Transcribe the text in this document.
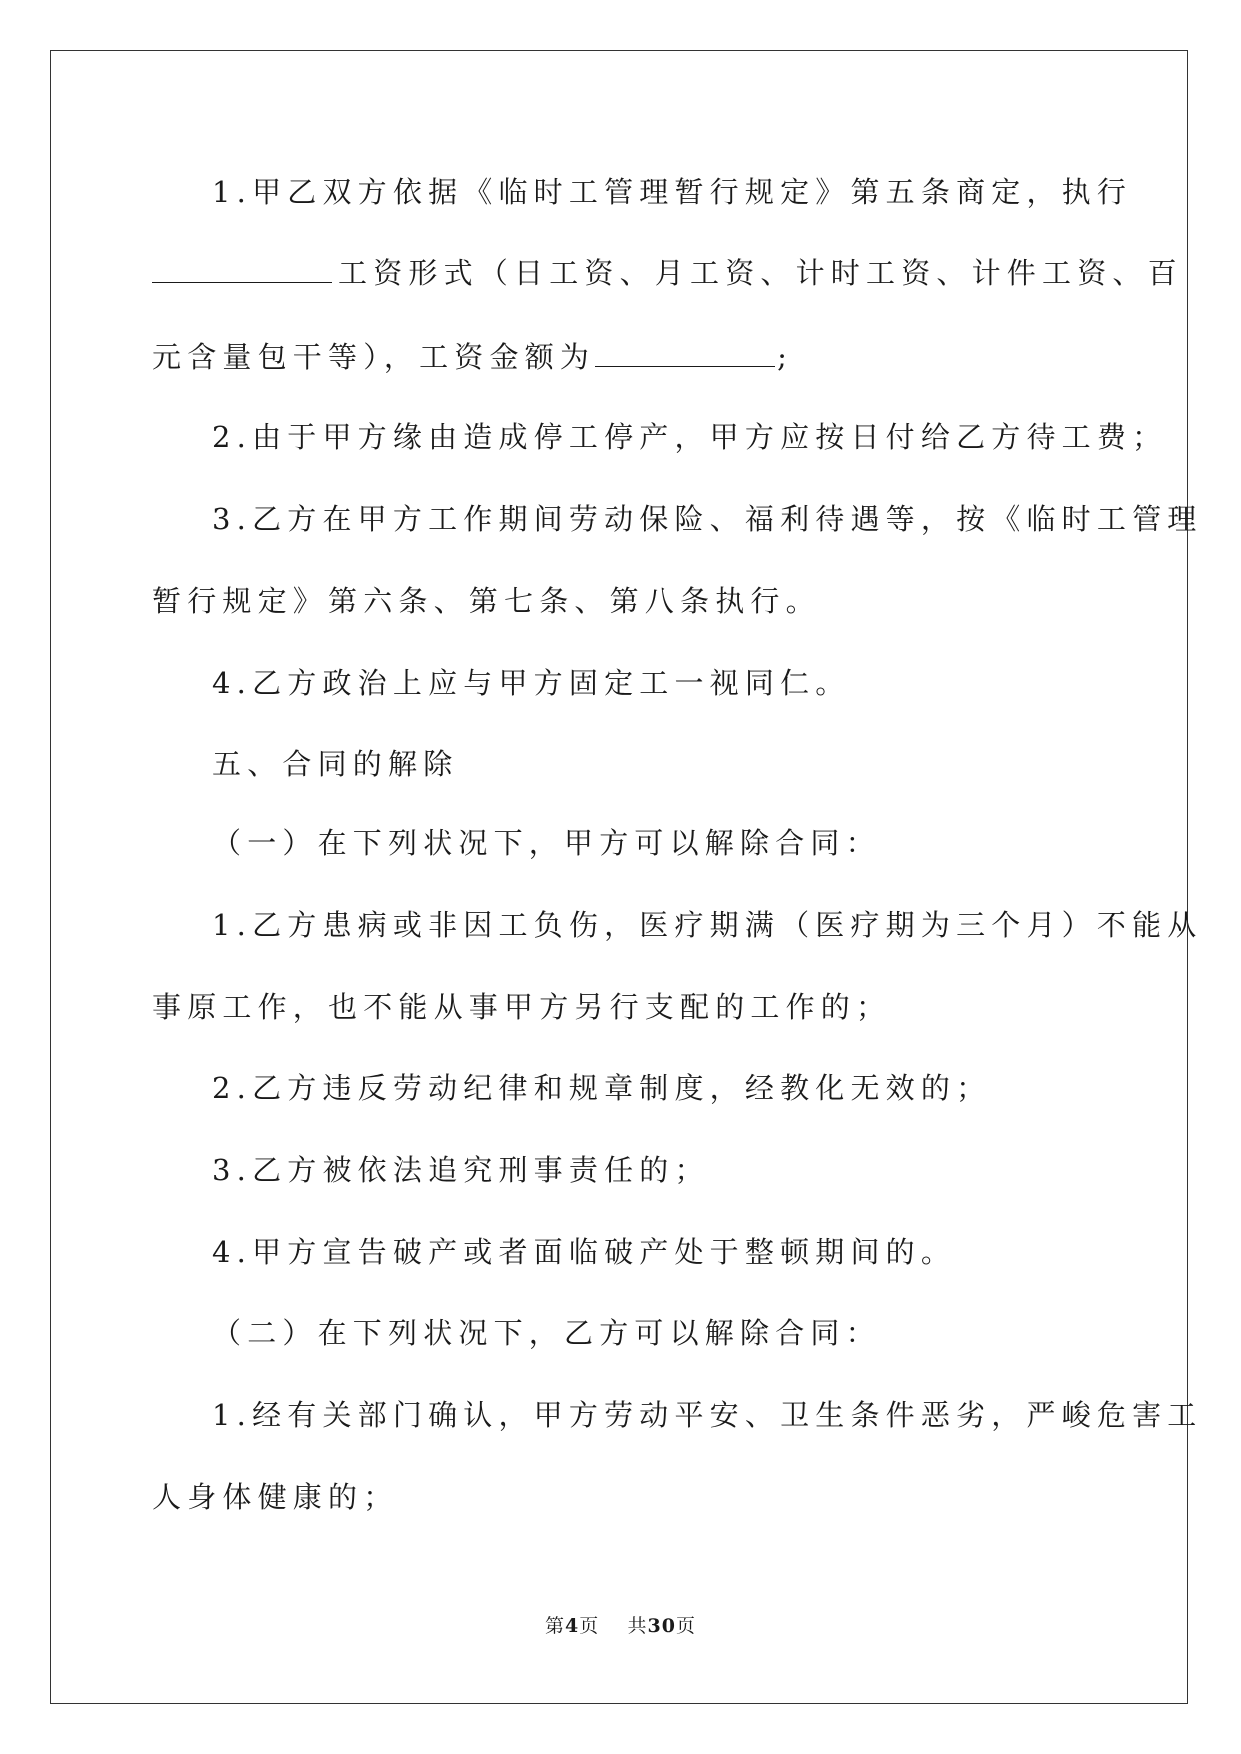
1.甲乙双方依据《临时工管理暂行规定》第五条商定，执行
工资形式（日工资、月工资、计时工资、计件工资、百
元含量包干等），工资金额为	;
2.由于甲方缘由造成停工停产，甲方应按日付给乙方待工费；
3.乙方在甲方工作期间劳动保险、福利待遇等，按《临时工管理
暂行规定》第六条、第七条、第八条执行。
4.乙方政治上应与甲方固定工一视同仁。
五、合同的解除
（一）在下列状况下，甲方可以解除合同：
1.乙方患病或非因工负伤，医疗期满（医疗期为三个月）不能从
事原工作，也不能从事甲方另行支配的工作的；
2.乙方违反劳动纪律和规章制度，经教化无效的；
3.乙方被依法追究刑事责任的；
4.甲方宣告破产或者面临破产处于整顿期间的。
（二）在下列状况下，乙方可以解除合同：
1.经有关部门确认，甲方劳动平安、卫生条件恶劣，严峻危害工
人身体健康的；
第4页 共30页
